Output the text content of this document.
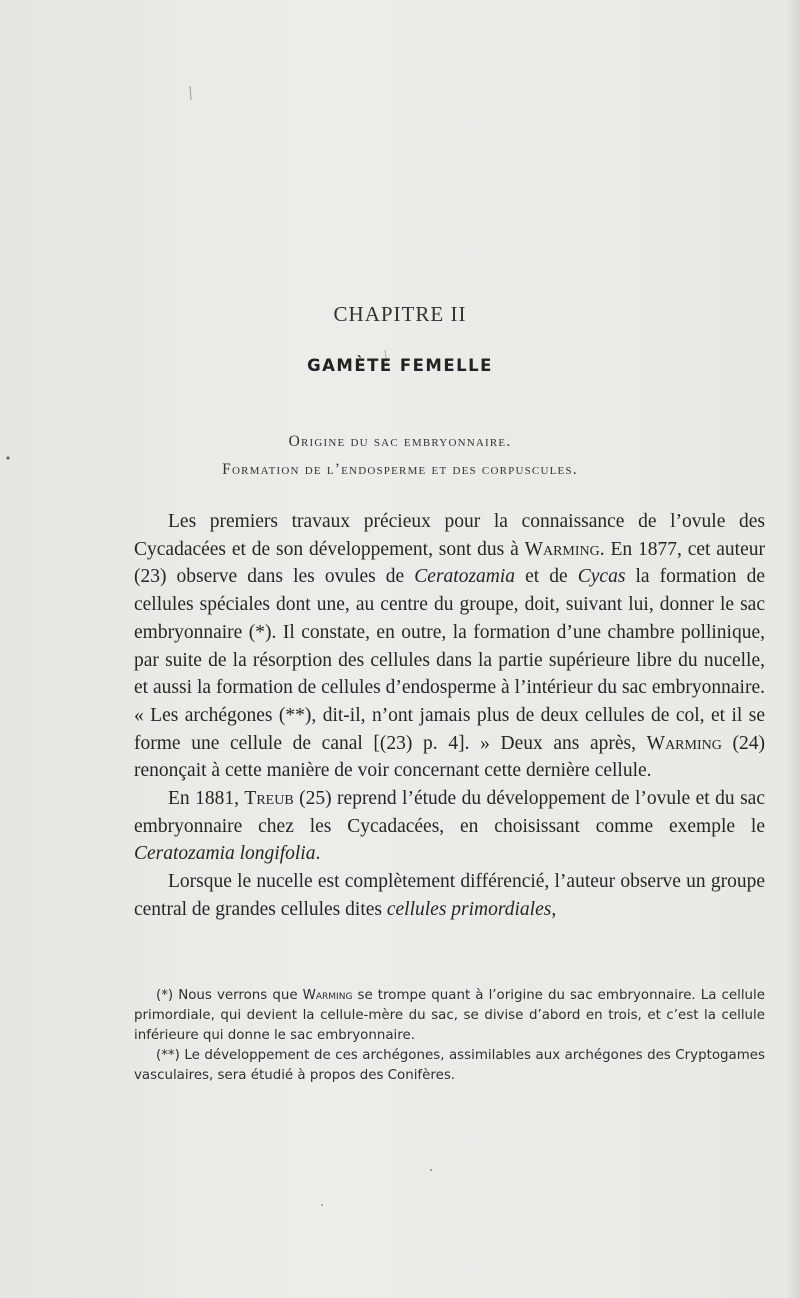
CHAPITRE II
GAMÈTE FEMELLE
Origine du sac embryonnaire.
Formation de l’endosperme et des corpuscules.

Les premiers travaux précieux pour la connaissance de l’ovule des Cycadacées et de son développement, sont dus à Warming. En 1877, cet auteur (23) observe dans les ovules de Ceratozamia et de Cycas la formation de cellules spéciales dont une, au centre du groupe, doit, suivant lui, donner le sac embryonnaire (*). Il constate, en outre, la formation d’une chambre pollinique, par suite de la résorption des cellules dans la partie supérieure libre du nucelle, et aussi la formation de cellules d’endosperme à l’intérieur du sac embryonnaire. « Les archégones (**), dit-il, n’ont jamais plus de deux cellules de col, et il se forme une cellule de canal [(23) p. 4]. » Deux ans après, Warming (24) renonçait à cette manière de voir concernant cette dernière cellule.

En 1881, Treub (25) reprend l’étude du développement de l’ovule et du sac embryonnaire chez les Cycadacées, en choisissant comme exemple le Ceratozamia longifolia.

Lorsque le nucelle est complètement différencié, l’auteur observe un groupe central de grandes cellules dites cellules primordiales,

(*) Nous verrons que Warming se trompe quant à l’origine du sac embryonnaire. La cellule primordiale, qui devient la cellule-mère du sac, se divise d’abord en trois, et c’est la cellule inférieure qui donne le sac embryonnaire.

(**) Le développement de ces archégones, assimilables aux archégones des Cryptogames vasculaires, sera étudié à propos des Conifères.
